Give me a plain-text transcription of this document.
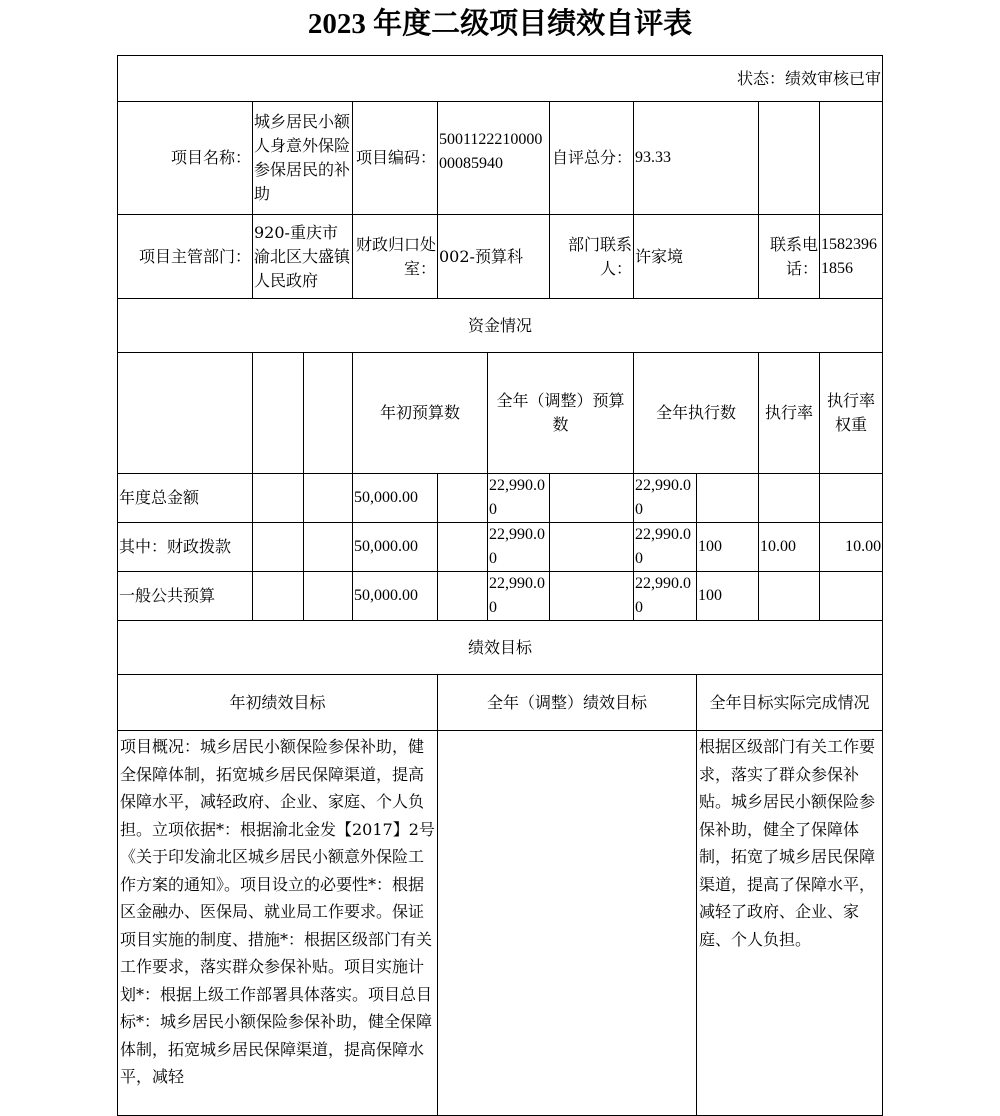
2023 年度二级项目绩效自评表
状态：绩效审核已审											
项目名称：	城乡居民小额人身意外保险参保居民的补助		项目编码：	500112221000000085940		自评总分：	93.33				
项目主管部门：	920-重庆市渝北区大盛镇人民政府		财政归口处室：	002-预算科		部门联系人：	许家境		联系电话：	15823961856	
资金情况											
			年初预算数		全年（调整）预算数		全年执行数		执行率	执行率权重	
年度总金额			50,000.00		22,990.00		22,990.00				
其中：财政拨款			50,000.00		22,990.00		22,990.00	100	10.00	10.00	
一般公共预算			50,000.00		22,990.00		22,990.00	100			
绩效目标											
年初绩效目标				全年（调整）绩效目标				全年目标实际完成情况			
项目概况：城乡居民小额保险参保补助，健全保障体制，拓宽城乡居民保障渠道，提高保障水平，减轻政府、企业、家庭、个人负担。立项依据*：根据渝北金发【2017】2号《关于印发渝北区城乡居民小额意外保险工作方案的通知》。项目设立的必要性*：根据区金融办、医保局、就业局工作要求。保证项目实施的制度、措施*：根据区级部门有关工作要求，落实群众参保补贴。项目实施计划*：根据上级工作部署具体落实。项目总目标*：城乡居民小额保险参保补助，健全保障体制，拓宽城乡居民保障渠道，提高保障水平，减轻								根据区级部门有关工作要求，落实了群众参保补贴。城乡居民小额保险参保补助，健全了保障体制，拓宽了城乡居民保障渠道，提高了保障水平，减轻了政府、企业、家庭、个人负担。			
